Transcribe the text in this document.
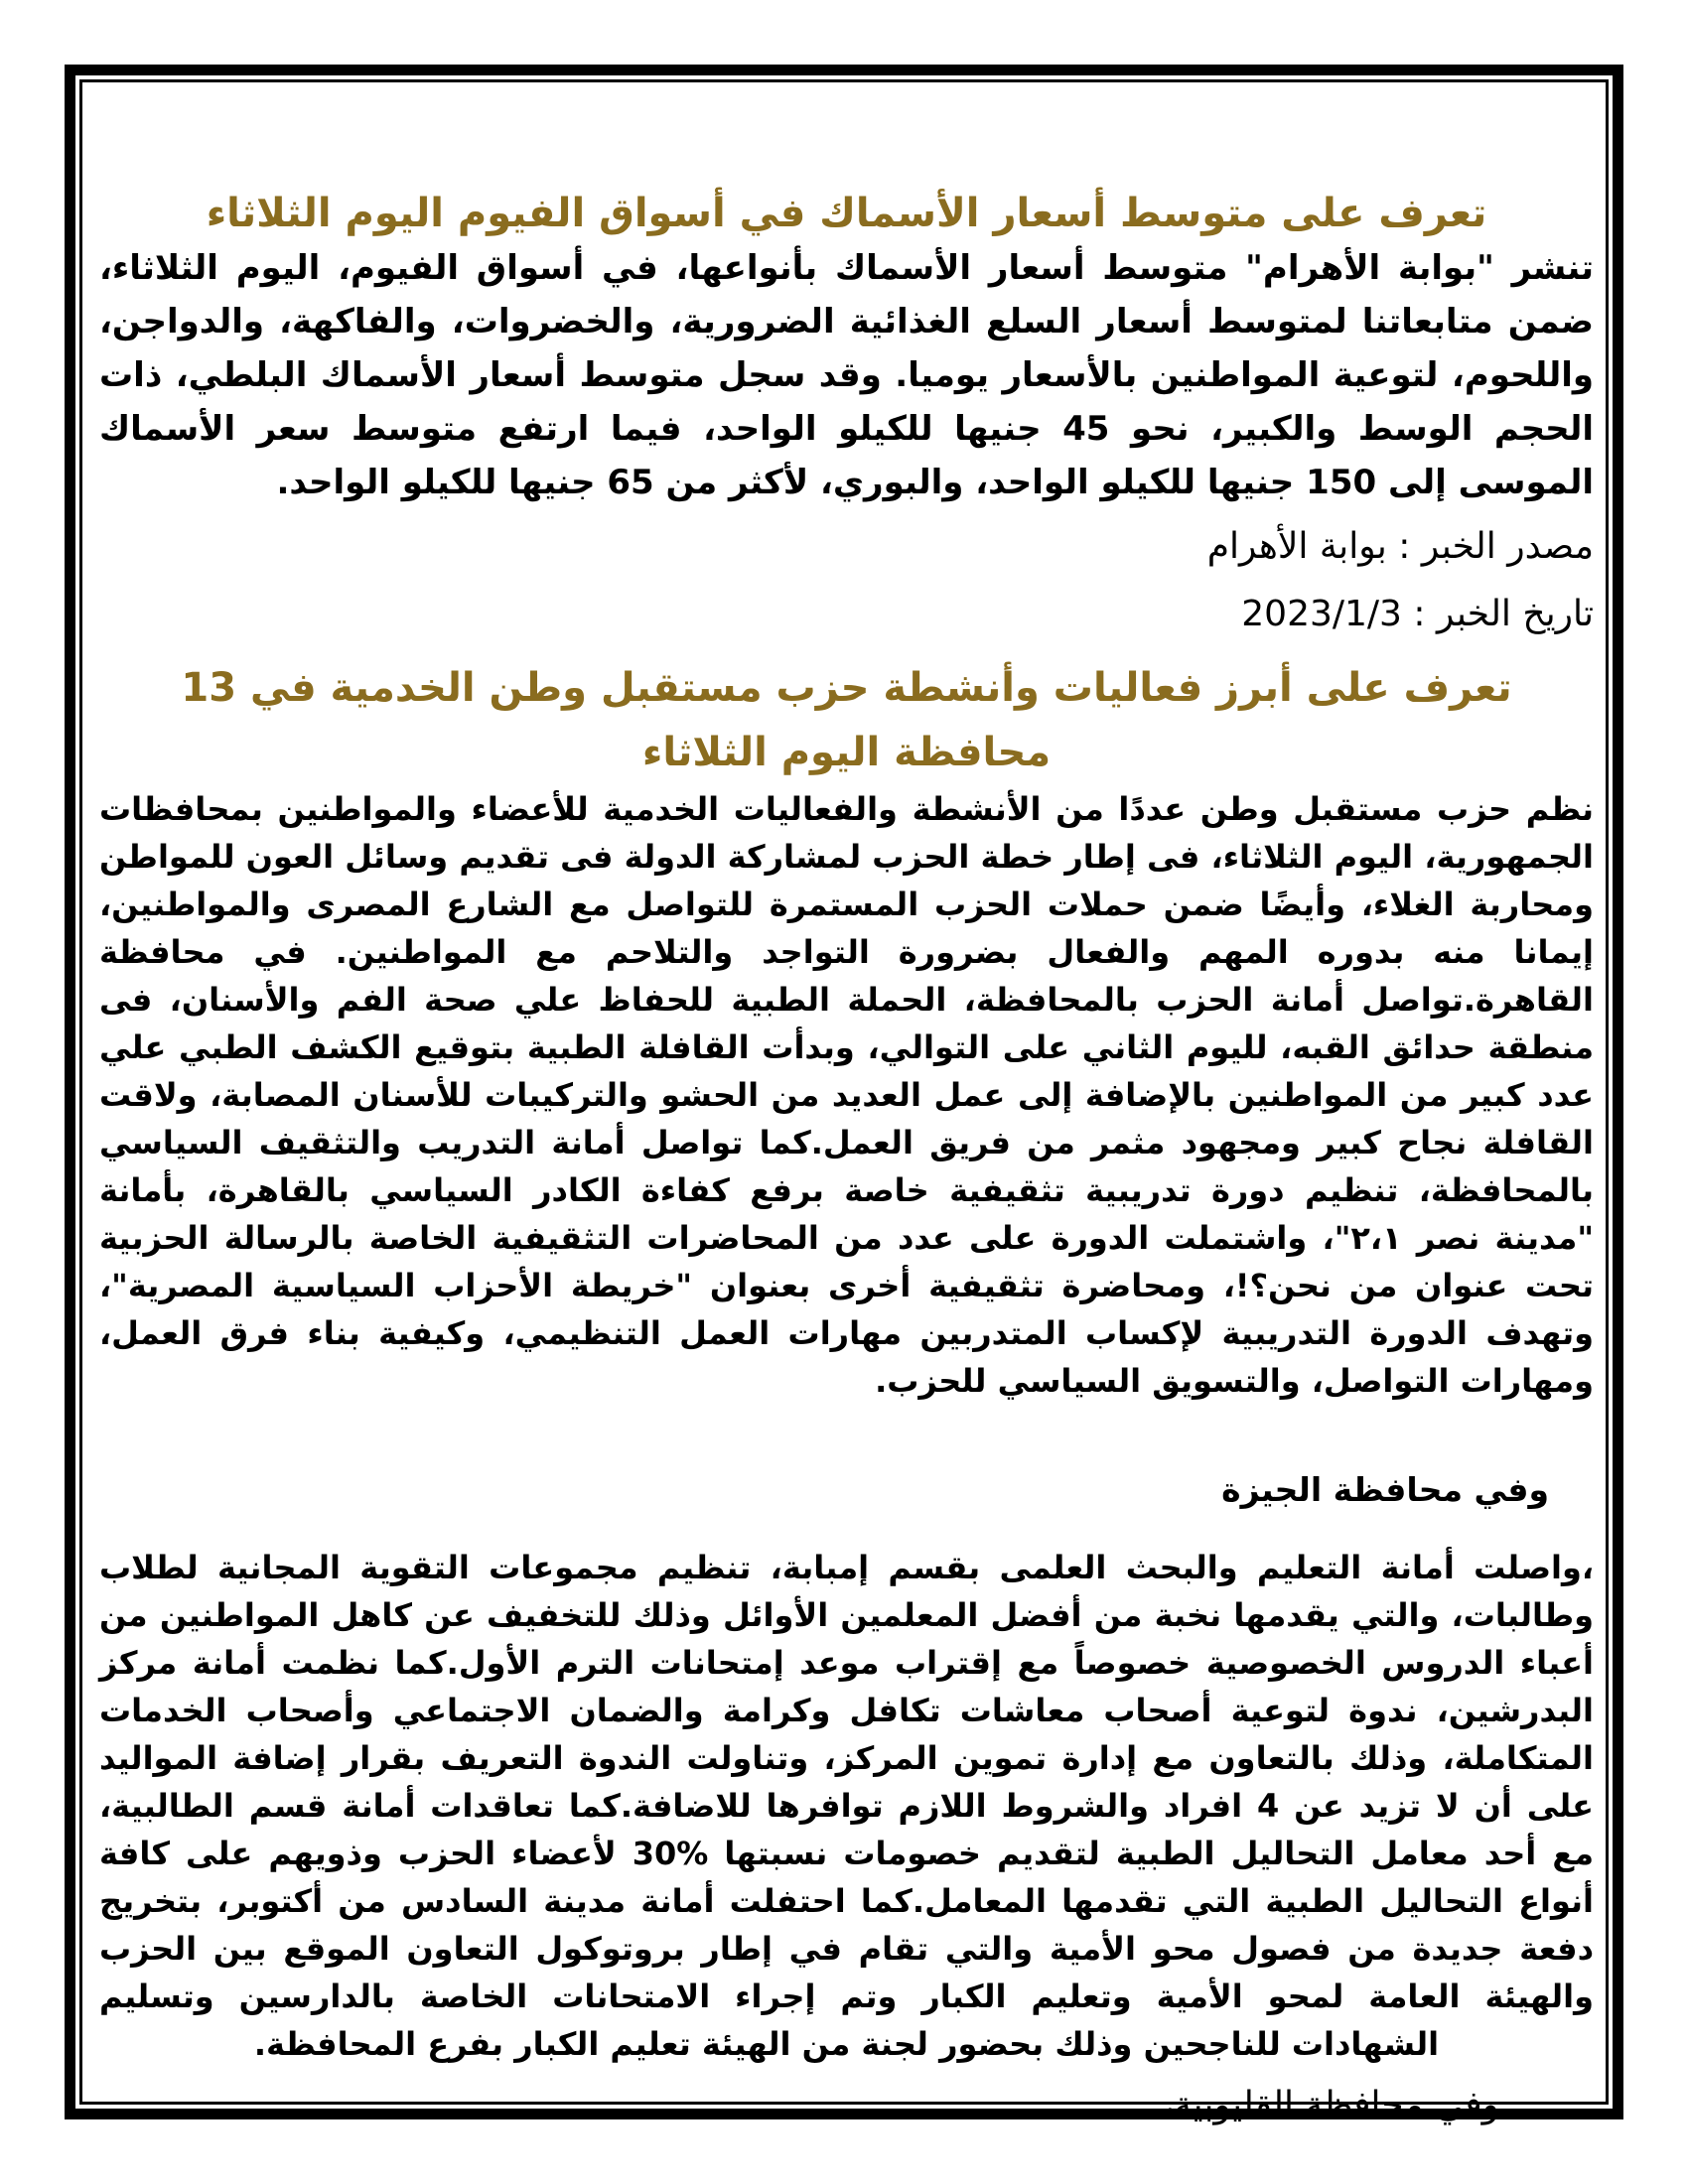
تعرف على متوسط أسعار الأسماك في أسواق الفيوم اليوم الثلاثاء

تنشر "بوابة الأهرام" متوسط أسعار الأسماك بأنواعها، في أسواق الفيوم، اليوم الثلاثاء، ضمن متابعاتنا لمتوسط أسعار السلع الغذائية الضرورية، والخضروات، والفاكهة، والدواجن، واللحوم، لتوعية المواطنين بالأسعار يوميا. وقد سجل متوسط أسعار الأسماك البلطي، ذات الحجم الوسط والكبير، نحو 45 جنيها للكيلو الواحد، فيما ارتفع متوسط سعر الأسماك الموسى إلى 150 جنيها للكيلو الواحد، والبوري، لأكثر من 65 جنيها للكيلو الواحد.

مصدر الخبر : بوابة الأهرام

تاريخ الخبر : 2023/1/3

تعرف على أبرز فعاليات وأنشطة حزب مستقبل وطن الخدمية في 13 محافظة اليوم الثلاثاء

نظم حزب مستقبل وطن عددًا من الأنشطة والفعاليات الخدمية للأعضاء والمواطنين بمحافظات الجمهورية، اليوم الثلاثاء، فى إطار خطة الحزب لمشاركة الدولة فى تقديم وسائل العون للمواطن ومحاربة الغلاء، وأيضًا ضمن حملات الحزب المستمرة للتواصل مع الشارع المصرى والمواطنين، إيمانا منه بدوره المهم والفعال بضرورة التواجد والتلاحم مع المواطنين. في محافظة القاهرة.تواصل أمانة الحزب بالمحافظة، الحملة الطبية للحفاظ علي صحة الفم والأسنان، فى منطقة حدائق القبه، لليوم الثاني على التوالي، وبدأت القافلة الطبية بتوقيع الكشف الطبي علي عدد كبير من المواطنين بالإضافة إلى عمل العديد من الحشو والتركيبات للأسنان المصابة، ولاقت القافلة نجاح كبير ومجهود مثمر من فريق العمل.كما تواصل أمانة التدريب والتثقيف السياسي بالمحافظة، تنظيم دورة تدريبية تثقيفية خاصة برفع كفاءة الكادر السياسي بالقاهرة، بأمانة "مدينة نصر ٢،١"، واشتملت الدورة على عدد من المحاضرات التثقيفية الخاصة بالرسالة الحزبية تحت عنوان من نحن؟!، ومحاضرة تثقيفية أخرى بعنوان "خريطة الأحزاب السياسية المصرية"، وتهدف الدورة التدريبية لإكساب المتدربين مهارات العمل التنظيمي، وكيفية بناء فرق العمل، ومهارات التواصل، والتسويق السياسي للحزب.

وفي محافظة الجيزة

،واصلت أمانة التعليم والبحث العلمى بقسم إمبابة، تنظيم مجموعات التقوية المجانية لطلاب وطالبات، والتي يقدمها نخبة من أفضل المعلمين الأوائل وذلك للتخفيف عن كاهل المواطنين من أعباء الدروس الخصوصية خصوصاً مع إقتراب موعد إمتحانات الترم الأول.كما نظمت أمانة مركز البدرشين، ندوة لتوعية أصحاب معاشات تكافل وكرامة والضمان الاجتماعي وأصحاب الخدمات المتكاملة، وذلك بالتعاون مع إدارة تموين المركز، وتناولت الندوة التعريف بقرار إضافة المواليد على أن لا تزيد عن 4 افراد والشروط اللازم توافرها للاضافة.كما تعاقدات أمانة قسم الطالبية، مع أحد معامل التحاليل الطبية لتقديم خصومات نسبتها %30 لأعضاء الحزب وذويهم على كافة أنواع التحاليل الطبية التي تقدمها المعامل.كما احتفلت أمانة مدينة السادس من أكتوبر، بتخريج دفعة جديدة من فصول محو الأمية والتي تقام في إطار بروتوكول التعاون الموقع بين الحزب والهيئة العامة لمحو الأمية وتعليم الكبار وتم إجراء الامتحانات الخاصة بالدارسين وتسليم الشهادات للناجحين وذلك بحضور لجنة من الهيئة تعليم الكبار بفرع المحافظة.

وفي محافظة القليوبية،
